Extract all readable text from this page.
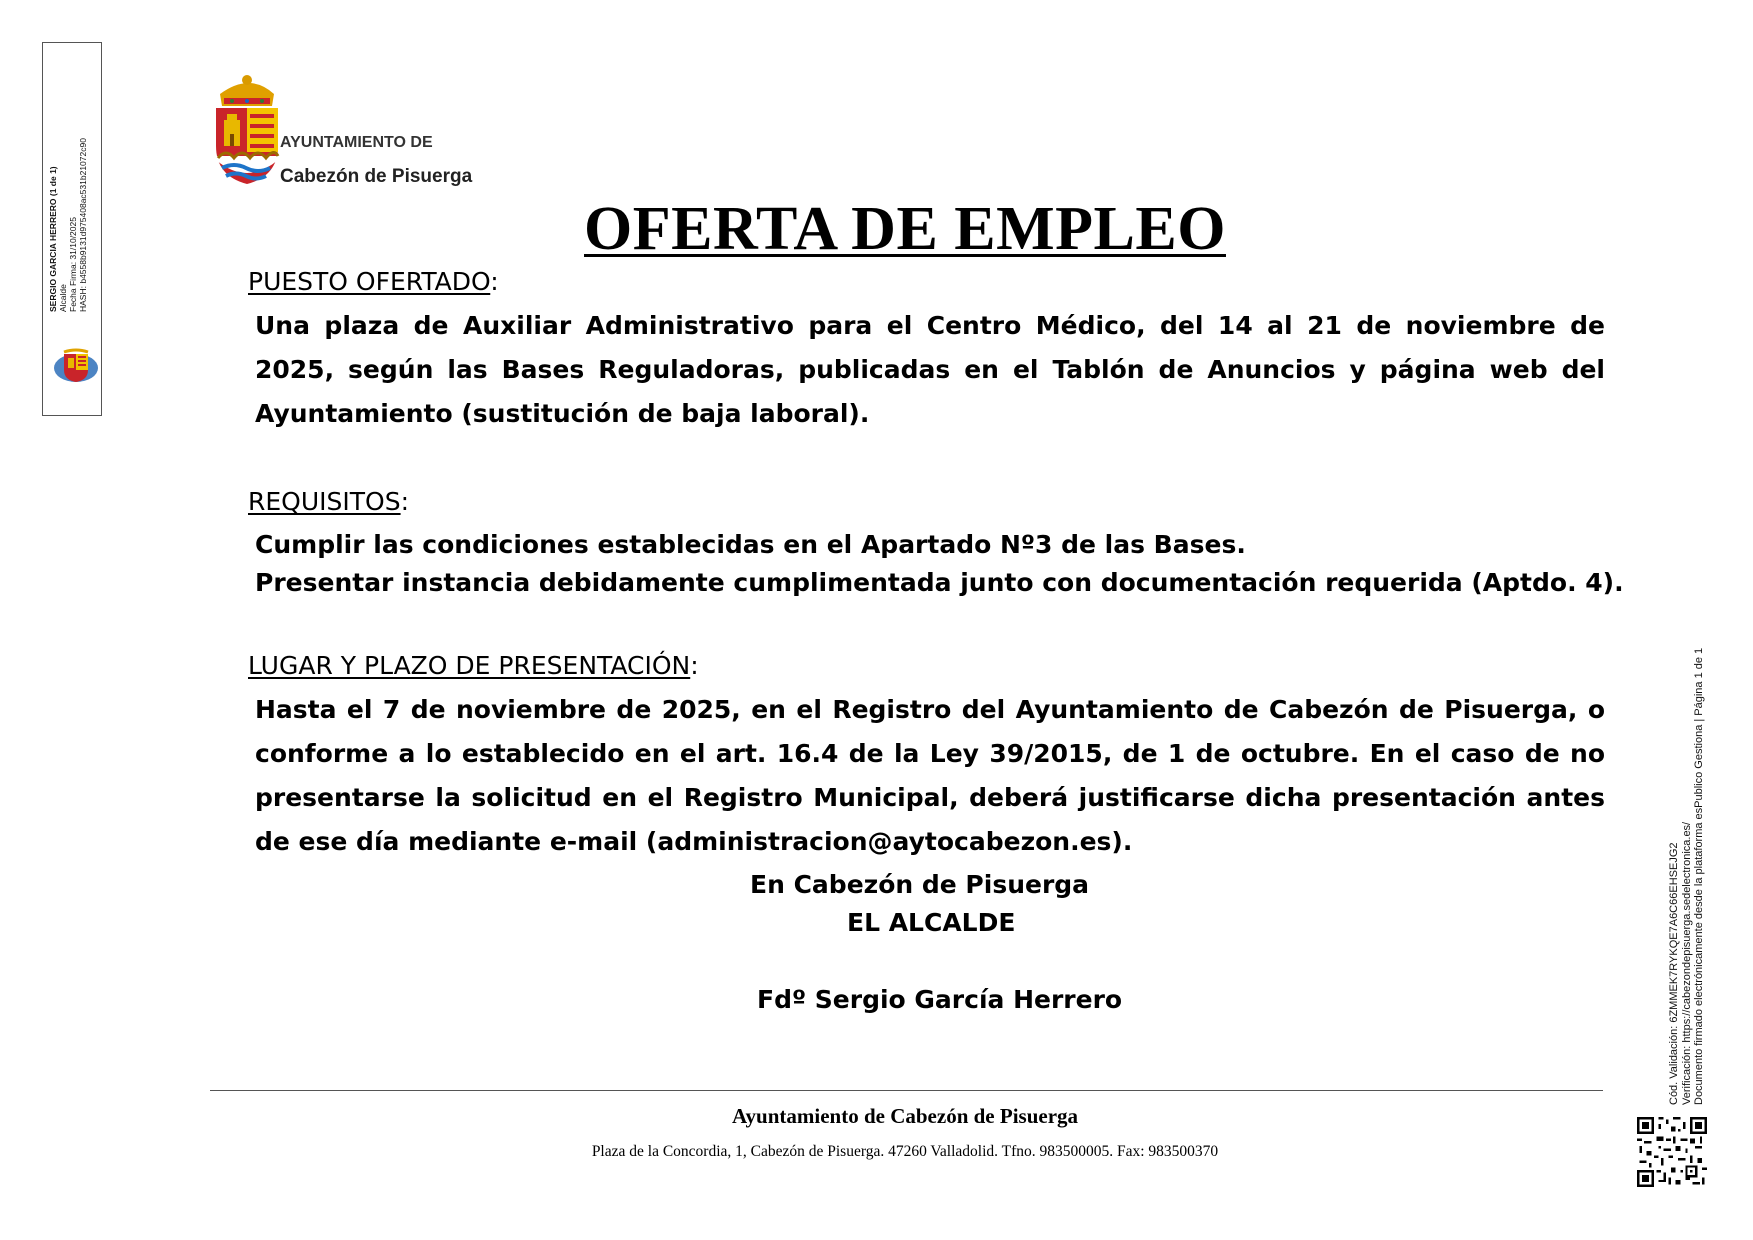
SERGIO GARCIA HERRERO (1 de 1) Alcalde Fecha Firma: 31/10/2025 HASH: b4558b9131d975408ac531b21072c90	AYUNTAMIENTO DE
Cabezón de Pisuerga
OFERTA DE EMPLEO
PUESTO OFERTADO:
Una plaza de Auxiliar Administrativo para el Centro Médico, del 14 al 21 de noviembre de 2025, según las Bases Reguladoras, publicadas en el Tablón de Anuncios y página web del Ayuntamiento (sustitución de baja laboral).
REQUISITOS:
Cumplir las condiciones establecidas en el Apartado Nº3 de las Bases.
Presentar instancia debidamente cumplimentada junto con documentación requerida (Aptdo. 4).
LUGAR Y PLAZO DE PRESENTACIÓN:
Hasta el 7 de noviembre de 2025, en el Registro del Ayuntamiento de Cabezón de Pisuerga, o conforme a lo establecido en el art. 16.4 de la Ley 39/2015, de 1 de octubre. En el caso de no presentarse la solicitud en el Registro Municipal, deberá justificarse dicha presentación antes de ese día mediante e-mail (administracion@aytocabezon.es).
En Cabezón de Pisuerga
EL ALCALDE
Fdº Sergio García Herrero
Ayuntamiento de Cabezón de Pisuerga
Plaza de la Concordia, 1, Cabezón de Pisuerga. 47260 Valladolid. Tfno. 983500005. Fax: 983500370
Cód. Validación: 6ZMMEK7RYKQE7A6C66EHSEJG2 Verificación: https://cabezondepisuerga.sedelectronica.es/ Documento firmado electrónicamente desde la plataforma esPublico Gestiona | Página 1 de 1
